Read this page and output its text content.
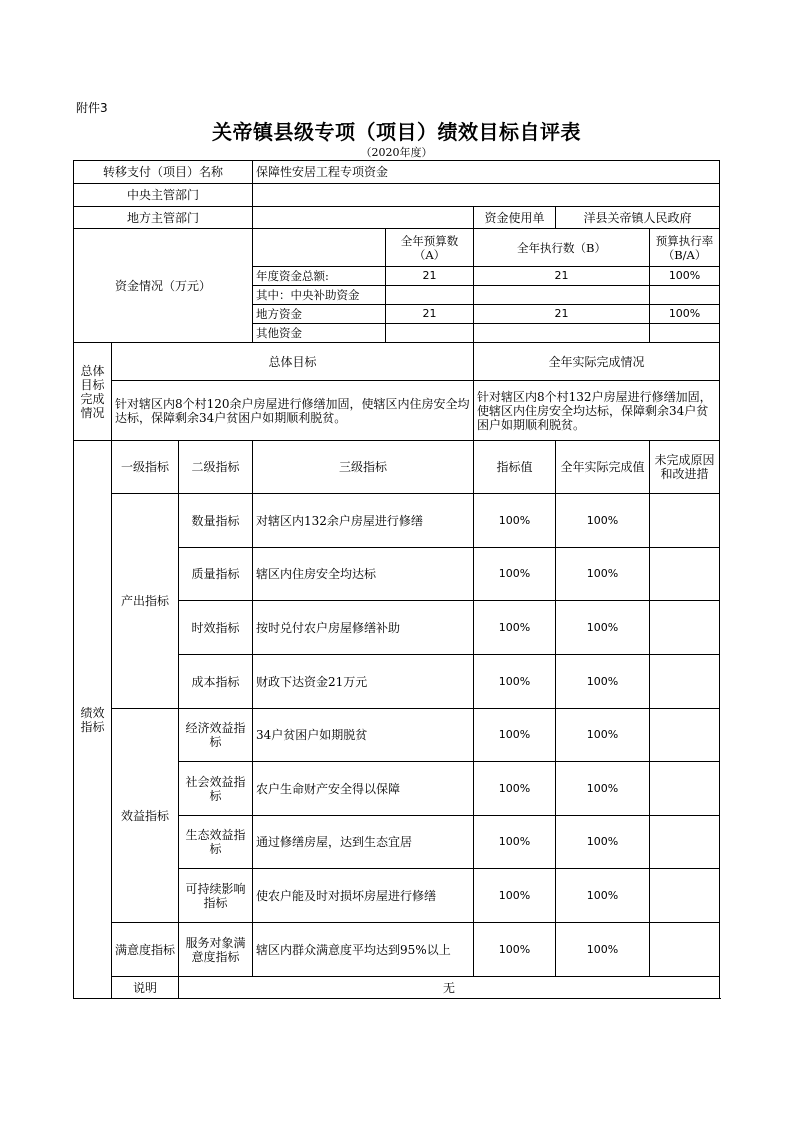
附件3
关帝镇县级专项（项目）绩效目标自评表
（2020年度）
转移支付（项目）名称			保障性安居工程专项资金				
中央主管部门							
地方主管部门					资金使用单	洋县关帝镇人民政府	
资金情况（万元）				全年预算数（A）	全年执行数（B）		预算执行率（B/A）
			年度资金总额:	21	21		100%
			其中：中央补助资金				
			地方资金	21	21		100%
			其他资金				
总体目标完成情况	总体目标				全年实际完成情况		
	针对辖区内8个村120余户房屋进行修缮加固，使辖区内住房安全均达标，保障剩余34户贫困户如期顺利脱贫。				针对辖区内8个村132户房屋进行修缮加固，使辖区内住房安全均达标，保障剩余34户贫困户如期顺利脱贫。		
绩效指标	一级指标	二级指标	三级指标		指标值	全年实际完成值	未完成原因和改进措
	产出指标	数量指标	对辖区内132余户房屋进行修缮		100%	100%	
		质量指标	辖区内住房安全均达标		100%	100%	
		时效指标	按时兑付农户房屋修缮补助		100%	100%	
		成本指标	财政下达资金21万元		100%	100%	
	效益指标	经济效益指标	34户贫困户如期脱贫		100%	100%	
		社会效益指标	农户生命财产安全得以保障		100%	100%	
		生态效益指标	通过修缮房屋，达到生态宜居		100%	100%	
		可持续影响指标	使农户能及时对损坏房屋进行修缮		100%	100%	
	满意度指标	服务对象满意度指标	辖区内群众满意度平均达到95%以上		100%	100%	
	说明	无					
